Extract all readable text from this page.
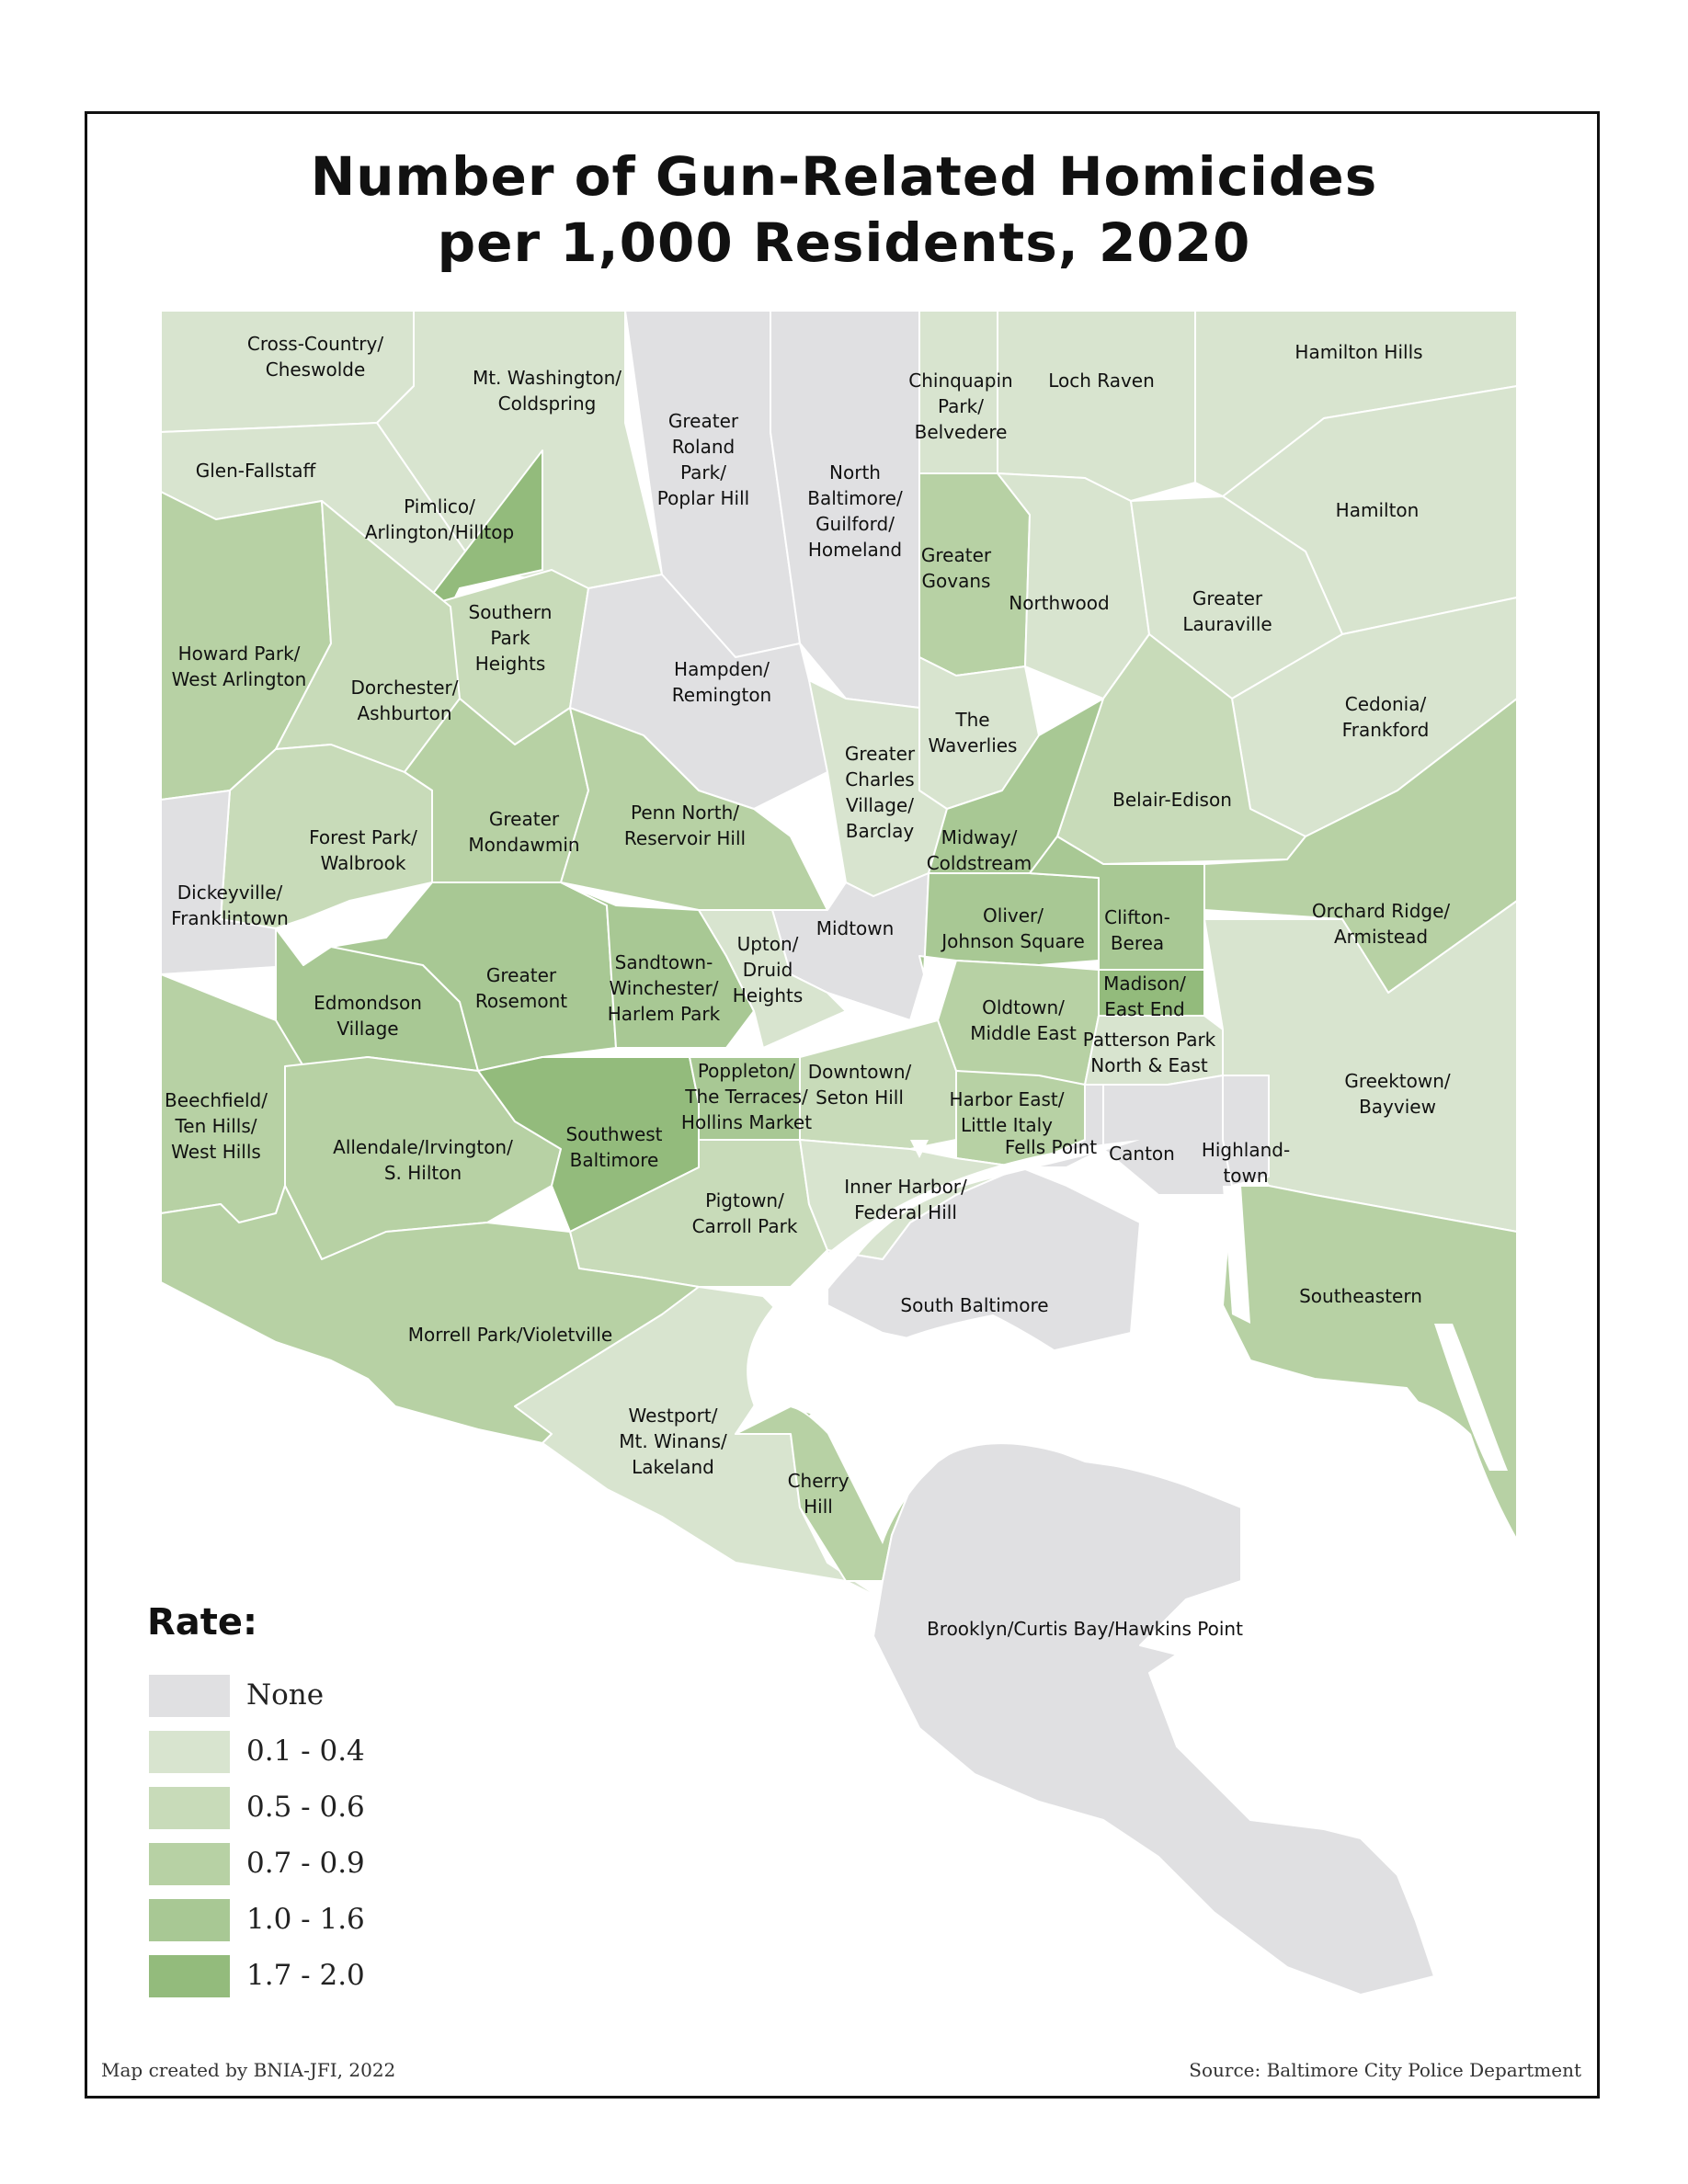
Number of Gun-Related Homicides
per 1,000 Residents, 2020
Cross-Country/ Cheswolde	Mt. Washington/ Coldspring
Glen-Fallstaff
Pimlico/ Arlington/Hilltop
Greater Roland Park/ Poplar Hill
North Baltimore/ Guilford/ Homeland
Chinquapin Park/ Belvedere
Loch Raven
Hamilton Hills
Hamilton
Southern Park Heights
Greater Govans
Northwood	Greater Lauraville
Howard Park/ West Arlington Dorchester/ Ashburton
Hampden/ Remington
The Waverlies
Cedonia/ Frankford
Greater Charles Village/ Barclay
Belair-Edison
Greater Mondawmin
Penn North/ Reservoir Hill
Forest Park/ Walbrook
Midway/ Coldstream
Dickeyville/ Franklintown	Midtown
Oliver/ Johnson Square
Clifton-Berea
Orchard Ridge/ Armistead
Edmondson Village
Greater Rosemont
Sandtown-Winchester/ Harlem Park
Upton/ Druid Heights
Madison/ East End
Oldtown/ Middle East Patterson Park North & East
Greektown/ Bayview
Beechfield/ Ten Hills/ West Hills	Allendale/Irvington/ S. Hilton
Southwest Baltimore
Poppleton/ The Terraces/ Hollins Market
Downtown/ Seton Hill	Harbor East/ Little Italy
Fells Point Canton Highland-town
Pigtown/ Carroll Park
Inner Harbor/ Federal Hill
South Baltimore	Southeastern
Morrell Park/Violetville
Westport/ Mt. Winans/ Lakeland
Cherry Hill
Brooklyn/Curtis Bay/Hawkins Point
Rate:
None
0.1 - 0.4
0.5 - 0.6
0.7 - 0.9
1.0 - 1.6
1.7 - 2.0
Map created by BNIA-JFI, 2022	Source: Baltimore City Police Department
